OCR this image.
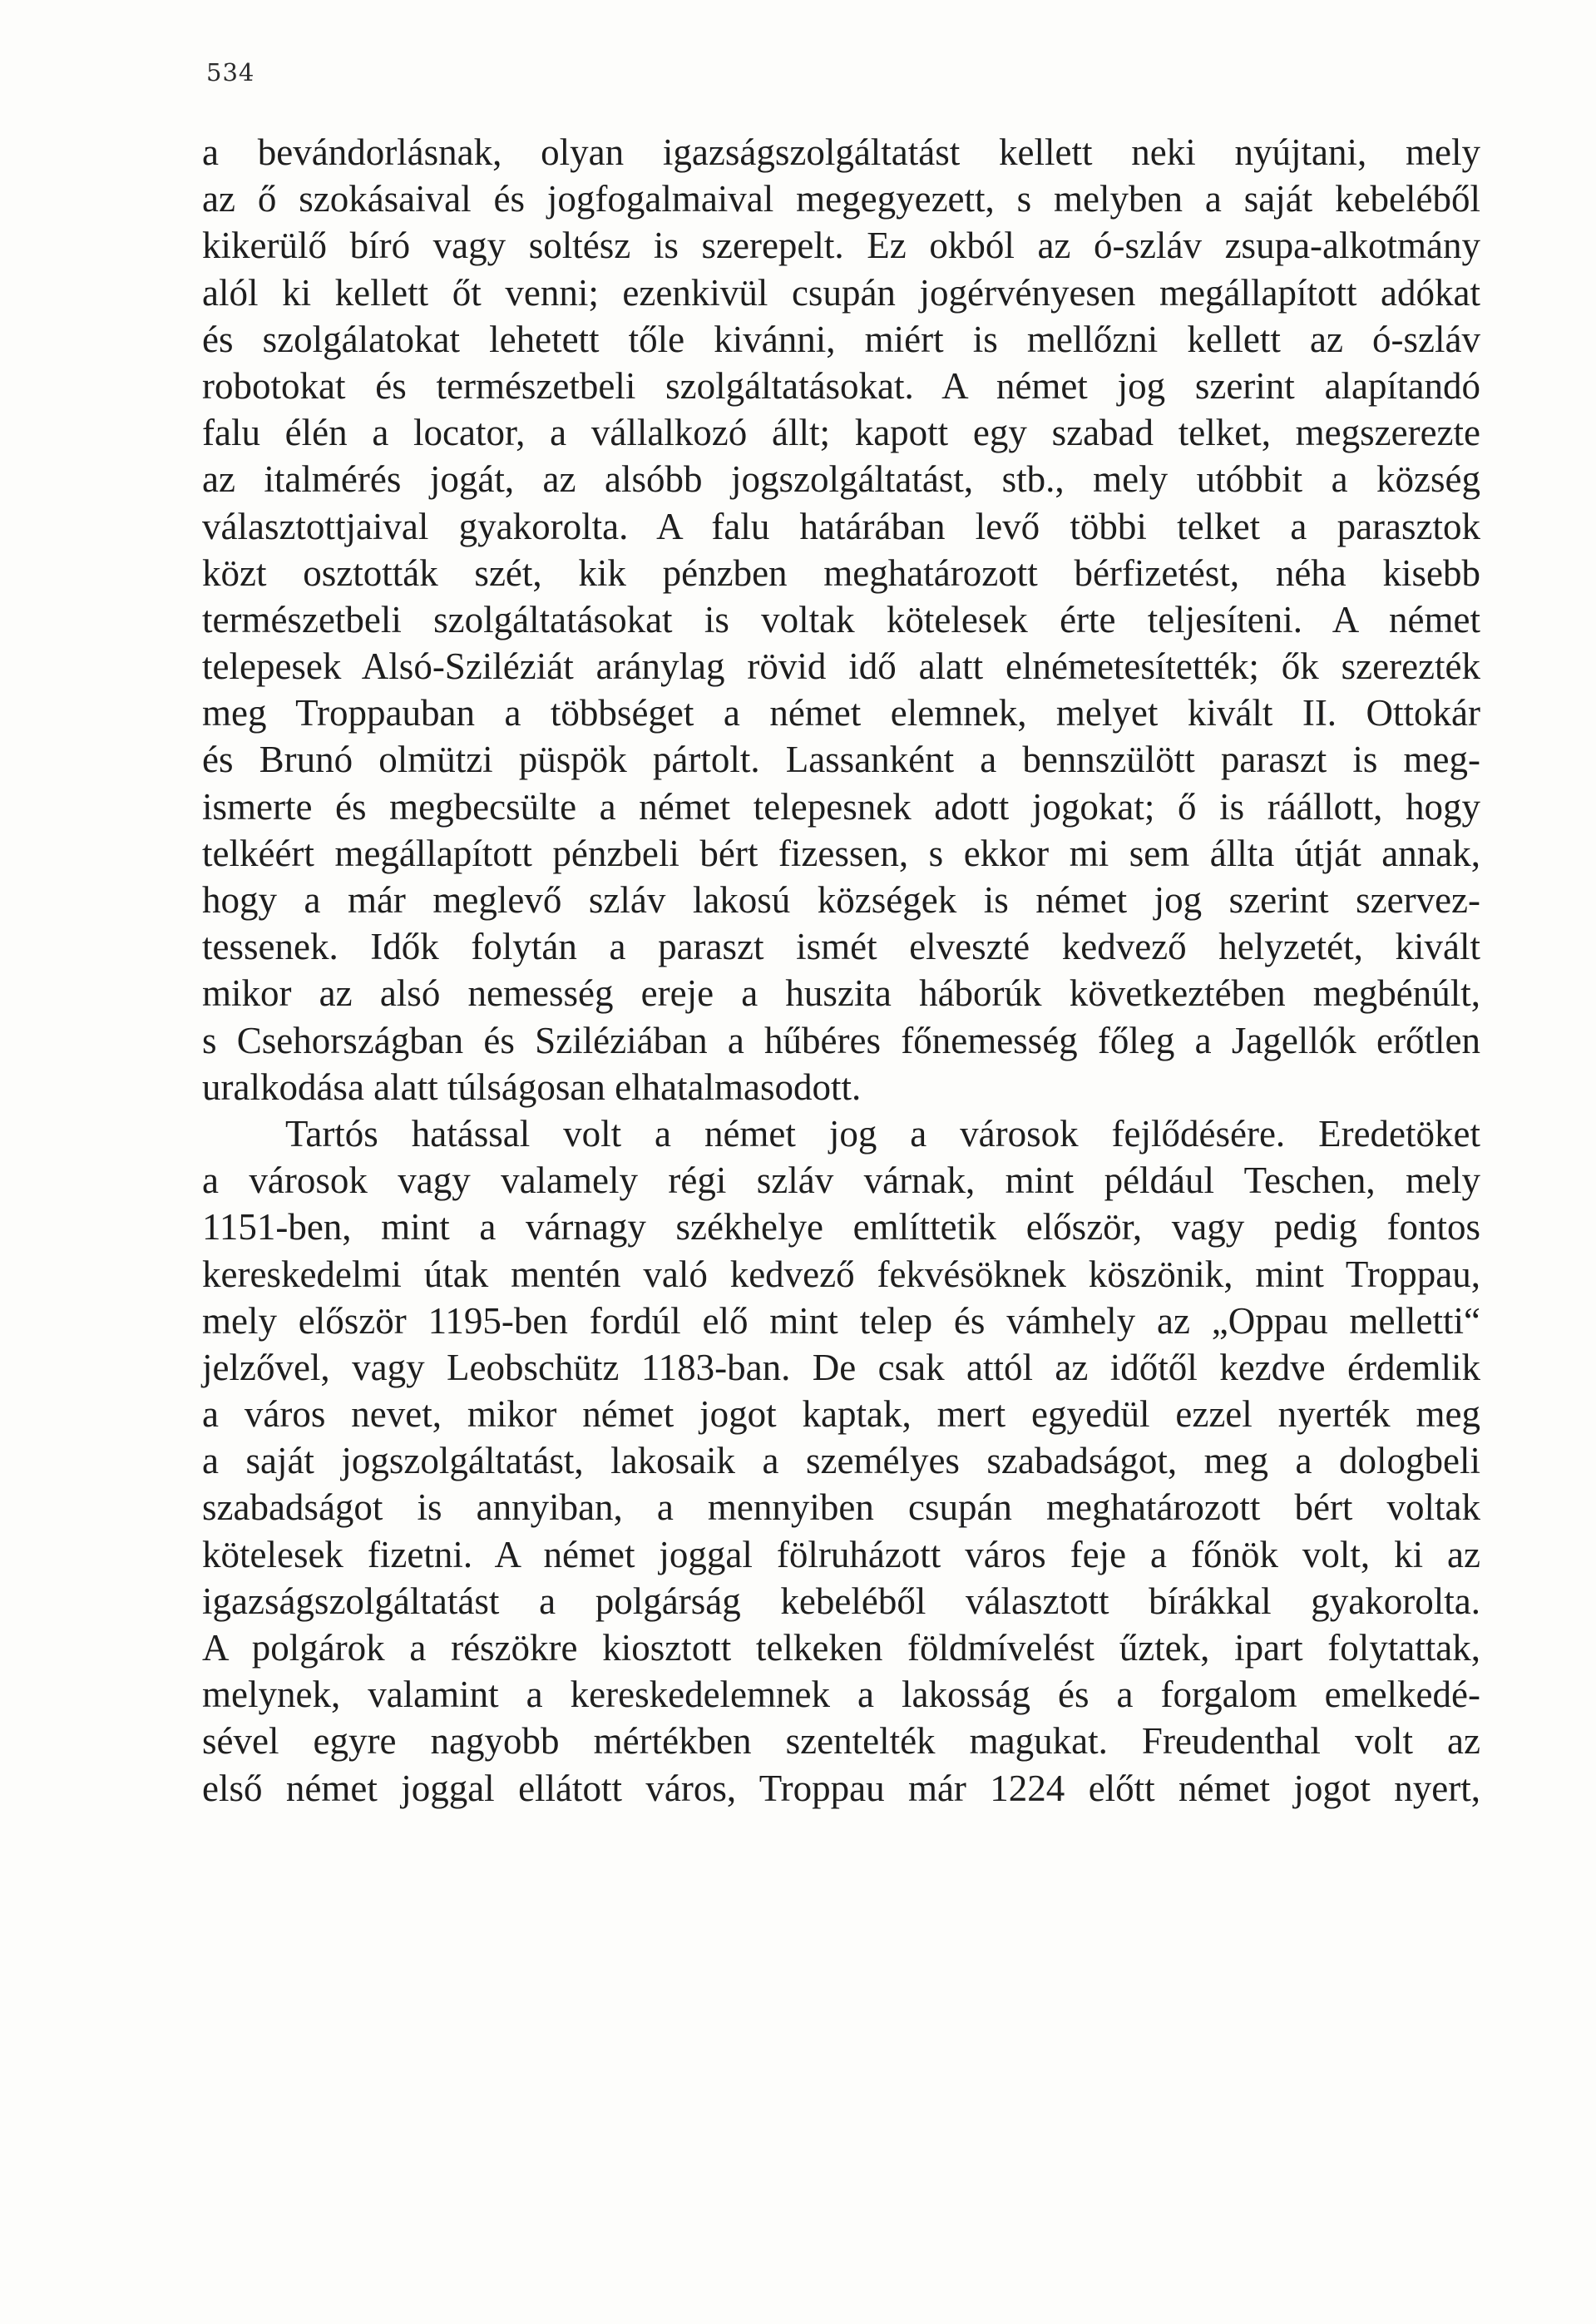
534
a bevándorlásnak, olyan igazságszolgáltatást kellett neki nyújtani, mely
az ő szokásaival és jogfogalmaival megegyezett, s melyben a saját kebeléből
kikerülő bíró vagy soltész is szerepelt. Ez okból az ó-szláv zsupa-alkotmány
alól ki kellett őt venni; ezenkivül csupán jogérvényesen megállapított adókat
és szolgálatokat lehetett tőle kivánni, miért is mellőzni kellett az ó-szláv
robotokat és természetbeli szolgáltatásokat. A német jog szerint alapítandó
falu élén a locator, a vállalkozó állt; kapott egy szabad telket, megszerezte
az italmérés jogát, az alsóbb jogszolgáltatást, stb., mely utóbbit a község
választottjaival gyakorolta. A falu határában levő többi telket a parasztok
közt osztották szét, kik pénzben meghatározott bérfizetést, néha kisebb
természetbeli szolgáltatásokat is voltak kötelesek érte teljesíteni. A német
telepesek Alsó-Sziléziát aránylag rövid idő alatt elnémetesítették; ők szerezték
meg Troppauban a többséget a német elemnek, melyet kivált II. Ottokár
és Brunó olmützi püspök pártolt. Lassanként a bennszülött paraszt is meg-
ismerte és megbecsülte a német telepesnek adott jogokat; ő is ráállott, hogy
telkéért megállapított pénzbeli bért fizessen, s ekkor mi sem állta útját annak,
hogy a már meglevő szláv lakosú községek is német jog szerint szervez-
tessenek. Idők folytán a paraszt ismét elveszté kedvező helyzetét, kivált
mikor az alsó nemesség ereje a huszita háborúk következtében megbénúlt,
s Csehországban és Sziléziában a hűbéres főnemesség főleg a Jagellók erőtlen
uralkodása alatt túlságosan elhatalmasodott.
Tartós hatással volt a német jog a városok fejlődésére. Eredetöket
a városok vagy valamely régi szláv várnak, mint például Teschen, mely
1151-ben, mint a várnagy székhelye említtetik először, vagy pedig fontos
kereskedelmi útak mentén való kedvező fekvésöknek köszönik, mint Troppau,
mely először 1195-ben fordúl elő mint telep és vámhely az „Oppau melletti“
jelzővel, vagy Leobschütz 1183-ban. De csak attól az időtől kezdve érdemlik
a város nevet, mikor német jogot kaptak, mert egyedül ezzel nyerték meg
a saját jogszolgáltatást, lakosaik a személyes szabadságot, meg a dologbeli
szabadságot is annyiban, a mennyiben csupán meghatározott bért voltak
kötelesek fizetni. A német joggal fölruházott város feje a főnök volt, ki az
igazságszolgáltatást a polgárság kebeléből választott bírákkal gyakorolta.
A polgárok a részökre kiosztott telkeken földmívelést űztek, ipart folytattak,
melynek, valamint a kereskedelemnek a lakosság és a forgalom emelkedé-
sével egyre nagyobb mértékben szentelték magukat. Freudenthal volt az
első német joggal ellátott város, Troppau már 1224 előtt német jogot nyert,
